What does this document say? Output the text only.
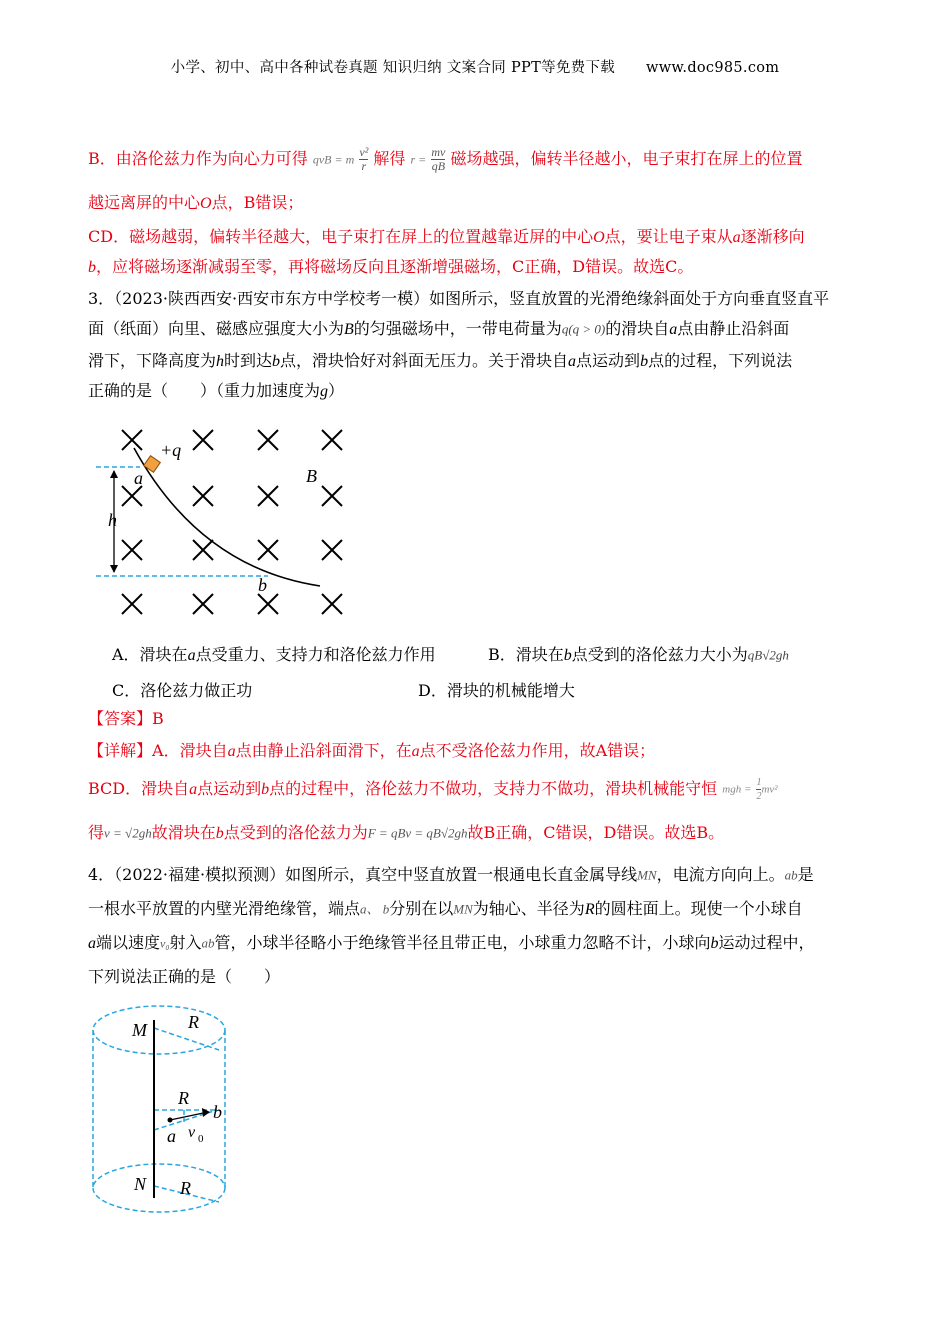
小学、初中、高中各种试卷真题 知识归纳 文案合同 PPT等免费下载 www.doc985.com
B．由洛伦兹力作为向心力可得 qvB = m $\frac{\text{v²}}{r}$ 解得 $r = \frac{mv}{qB}$ 磁场越强，偏转半径越小，电子束打在屏上的位置
越远离屏的中心O点，B错误；
CD．磁场越弱，偏转半径越大，电子束打在屏上的位置越靠近屏的中心O点，要让电子束从a逐渐移向
b，应将磁场逐渐减弱至零，再将磁场反向且逐渐增强磁场，C正确，D错误。故选C。
3．（2023·陕西西安·西安市东方中学校考一模）如图所示，竖直放置的光滑绝缘斜面处于方向垂直竖直平
面（纸面）向里、磁感应强度大小为B的匀强磁场中，一带电荷量为q(q > 0)的滑块自a点由静止沿斜面
滑下，下降高度为h时到达b点，滑块恰好对斜面无压力。关于滑块自a点运动到b点的过程，下列说法
正确的是（　　）（重力加速度为g）
+q
a
b
h
B
A．滑块在a点受重力、支持力和洛伦兹力作用	B．滑块在b点受到的洛伦兹力大小为qB√2gh
C．洛伦兹力做正功	D．滑块的机械能增大
【答案】B
【详解】A．滑块自a点由静止沿斜面滑下，在a点不受洛伦兹力作用，故A错误；
BCD．滑块自a点运动到b点的过程中，洛伦兹力不做功，支持力不做功，滑块机械能守恒 mgh = $\frac{1}{2} mv^2$
得v = √2gh故滑块在b点受到的洛伦兹力为F = qBv = qB√2gh故B正确，C错误，D错误。故选B。
4．（2022·福建·模拟预测）如图所示，真空中竖直放置一根通电长直金属导线MN，电流方向向上。ab是
一根水平放置的内壁光滑绝缘管，端点a、 b分别在以MN为轴心、半径为R的圆柱面上。现使一个小球自
a端以速度v₀射入ab管，小球半径略小于绝缘管半径且带正电，小球重力忽略不计，小球向b运动过程中，
下列说法正确的是（　　）
M
N
R
R
R
b
a v 0
